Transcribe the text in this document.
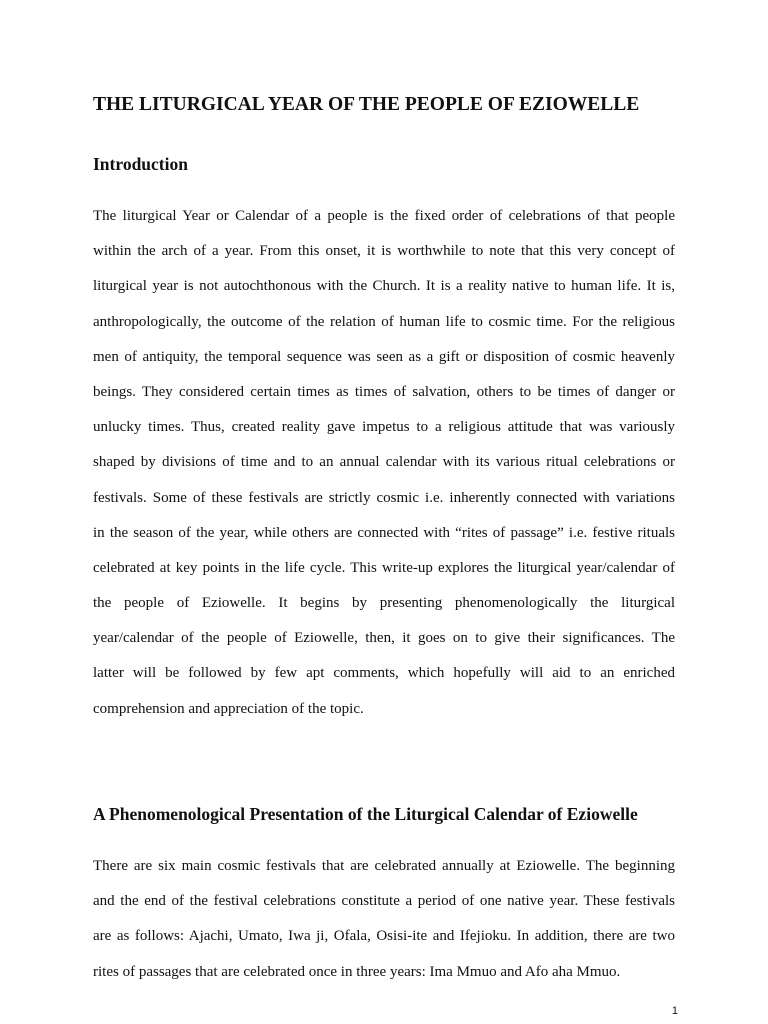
THE LITURGICAL YEAR OF THE PEOPLE OF EZIOWELLE
Introduction
The liturgical Year or Calendar of a people is the fixed order of celebrations of that people
within the arch of a year. From this onset, it is worthwhile to note that this very concept of
liturgical year is not autochthonous with the Church. It is a reality native to human life. It is,
anthropologically, the outcome of the relation of human life to cosmic time. For the religious
men of antiquity, the temporal sequence was seen as a gift or disposition of cosmic heavenly
beings. They considered certain times as times of salvation, others to be times of danger or
unlucky times. Thus, created reality gave impetus to a religious attitude that was variously
shaped by divisions of time and to an annual calendar with its various ritual celebrations or
festivals. Some of these festivals are strictly cosmic i.e. inherently connected with variations
in the season of the year, while others are connected with “rites of passage” i.e. festive rituals
celebrated at key points in the life cycle. This write-up explores the liturgical year/calendar of
the people of Eziowelle. It begins by presenting phenomenologically the liturgical
year/calendar of the people of Eziowelle, then, it goes on to give their significances. The
latter will be followed by few apt comments, which hopefully will aid to an enriched
comprehension and appreciation of the topic.
A Phenomenological Presentation of the Liturgical Calendar of Eziowelle
There are six main cosmic festivals that are celebrated annually at Eziowelle. The beginning
and the end of the festival celebrations constitute a period of one native year. These festivals
are as follows: Ajachi, Umato, Iwa ji, Ofala, Osisi-ite and Ifejioku. In addition, there are two
rites of passages that are celebrated once in three years: Ima Mmuo and Afo aha Mmuo.
1
